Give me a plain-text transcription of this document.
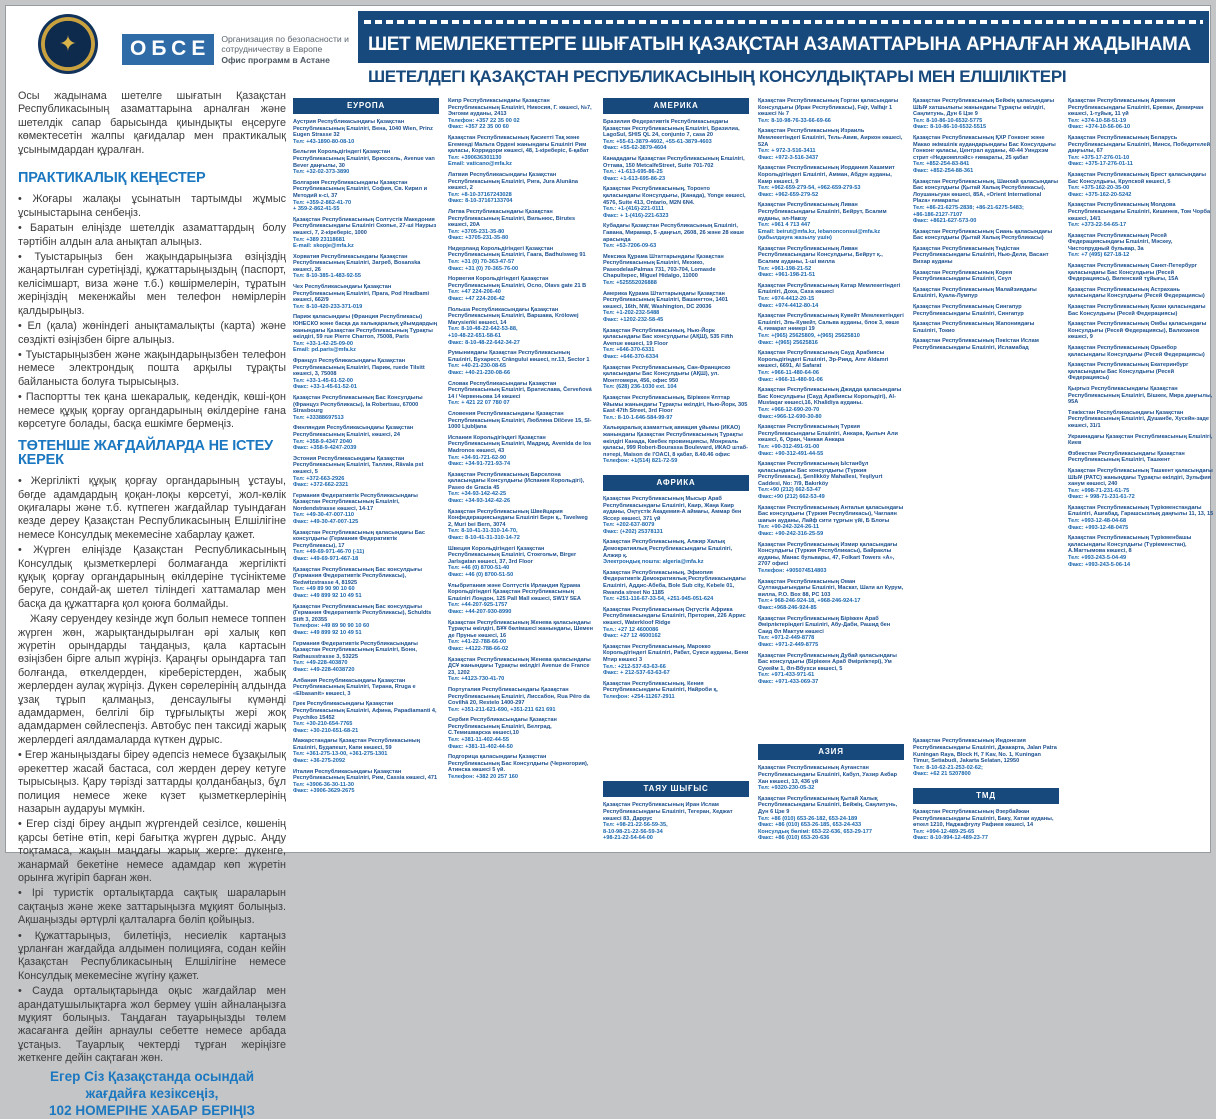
✦	ОБСЕ	Организация по безопасности и
сотрудничеству в Европе
Офис программ в Астане
ШЕТ МЕМЛЕКЕТТЕРГЕ ШЫҒАТЫН ҚАЗАҚСТАН АЗАМАТТАРЫНА АРНАЛҒАН ЖАДЫНАМА
ШЕТЕЛДЕГІ ҚАЗАҚСТАН РЕСПУБЛИКАСЫНЫҢ КОНСУЛДЫҚТАРЫ МЕН ЕЛШІЛІКТЕРІ

Осы жадынама шетелге шығатын Қазақстан Республикасының азаматтарына арналған және шетелдік сапар барысында қиындықты еңсеруге көмектесетін жалпы қағидалар мен практикалық ұсынымдардан құралған.

ПРАКТИКАЛЫҚ КЕҢЕСТЕР
• Жоғары жалақы ұсынатын тартымды жұмыс ұсыныстарына сенбеңіз.
• Баратын еліңізде шетелдік азаматтардың болу тәртібін алдын ала анықтап алыңыз.
• Туыстарыңыз бен жақындарыңызға өзіңіздің жаңартылған суретіңізді, құжаттарыңыздың (паспорт, келісімшарт, виза және т.б.) көшірмелерін, тұратын жеріңіздің мекенжайы мен телефон нөмірлерін қалдырыңыз.
• Ел (қала) жөніндегі анықтамалықты (карта) және сөздікті өзіңізбен бірге алыңыз.
• Туыстарыңызбен және жақындарыңызбен телефон немесе электрондық пошта арқылы тұрақты байланыста болуға тырысыңыз.
• Паспортты тек қана шекаралық, кедендік, көші-қон немесе құқық қорғау органдарының өкілдеріне ғана көрсетуге болады, басқа ешкімге бермеңіз.
ТӨТЕНШЕ ЖАҒДАЙЛАРДА НЕ ІСТЕУ КЕРЕК
• Жергілікті құқық қорғау органдарының ұстауы, бөгде адамдардың қоқан-лоқы көрсетуі, жол-көлік оқиғалары және т.б. күтпеген жағдайлар туындаған кезде дереу Қазақстан Республикасының Елшілігіне немесе Консулдық мекемесіне хабарлау қажет.
• Жүрген еліңізде Қазақстан Республикасының Консулдық қызметкерлері болмағанда жергілікті құқық қорғау органдарының өкілдеріне түсініктеме беруге, сондай-ақ шетел тіліндегі хаттамалар мен басқа да құжаттарға қол қоюға болмайды.
Жаяу серуендеу кезінде жұп болып немесе топпен жүрген жөн, жарықтандырылған әрі халық көп жүретін орындарды таңдаңыз, қала картасын өзіңізбен бірге алып жүріңіз. Қараңғы орындарға тап болғанда, өткелдерден, кіреберістерден, жабық жерлерден аулақ жүріңіз. Дүкен сөрелерінің алдында ұзақ тұрып қалмаңыз, денсаулығы күмәнді адамдармен, белгілі бір тұрғылықты жері жоқ адамдармен сөйлеспеңіз. Автобус пен таксиді жарық жерлердегі аялдамаларда күткен дұрыс.
• Егер жаныңыздағы біреу әдепсіз немесе бұзақылық әрекеттер жасай бастаса, сол жерден дереу кетуге тырысыңыз. Қару тәрізді заттарды қолданбаңыз, бұл полиция немесе жеке күзет қызметкерлерінің назарын аударуы мүмкін.
• Егер сізді біреу аңдып жүргендей сезілсе, көшенің қарсы бетіне өтіп, кері бағытқа жүрген дұрыс. Аңду тоқтамаса, жақын маңдағы жарық жерге: дүкенге, жанармай бекетіне немесе адамдар көп жүретін орынға жүгіріп барған жөн.
• Ірі туристік орталықтарда сақтық шараларын сақтаңыз және жеке заттарыңызға мұқият болыңыз. Ақшаңызды әртүрлі қалталарға бөліп қойыңыз.
• Құжаттарыңыз, билетіңіз, несиелік картаңыз ұрланған жағдайда алдымен полицияға, содан кейін Қазақстан Республикасының Елшілігіне немесе Консулдық мекемесіне жүгіну қажет.
• Сауда орталықтарында оқыс жағдайлар мен арандатушылықтарға жол бермеу үшін айналаңызға мұқият болыңыз. Таңдаған тауарыңызды төлем жасағанға дейін арнаулы себетте немесе арбада ұстаңыз. Тауарлық чектерді тұрған жеріңізге жеткенге дейін сақтаған жөн.
Егер Сіз Қазақстанда осындай жағдайға кезіксеңіз,
102 НОМЕРІНЕ ХАБАР БЕРІҢІЗ
ЕУРОПА
Аустрия Республикасындағы Қазақстан Республикасының Елшілігі, Вена, 1040 Wien, Prinz Eugen Strasse 32
Тел: +43-1890-80-08-10
Бельгия Корольдігіндегі Қазақстан Республикасының Елшілігі, Брюссель, Avenue van Bever даңғылы, 30
Тел: +32-02-373-3890
Болгария Республикасындағы Қазақстан Республикасының Елшілігі, София, Св. Кирил и Методий к-сі, 37
Тел: +359-2-862-41-70
+ 359-2-862-41-55
Қазақстан Республикасының Солтүстік Македония Республикасындағы Елшілігі Скопье, 27-ші Наурыз көшесі, 7, 2-кіреберіс, 1000
Тел: +389 23118681
E-mail: skopje@mfa.kz
Хорватия Республикасындағы Қазақстан Республикасының Елшілігі, Загреб, Bosanska көшесі, 26
Тел: 8-10-385-1-483-92-55
Чех Республикасындағы Қазақстан Республикасының Елшілігі, Прага, Pod Hradbami көшесі, 662/9
Тел: 8-10-420-233-371-019
Париж қаласындағы (Франция Республикасы) ЮНЕСКО және басқа да халықаралық ұйымдардың жанындағы Қазақстан Республикасының Тұрақты өкілдігі, 59 rue Pierre Charron, 75008, Paris
Тел: +33-1-42-25-09-00
Email: pd.paris@mfa.kz
Француз Республикасындағы Қазақстан Республикасының Елшілігі, Париж, ruede Tilsitt көшесі, 3, 75008
Тел: +33-1-45-61-52-00
Факс: +33-1-45-61-52-01
Қазақстан Республикасының Бас Консулдығы (Француз Республикасы), la Robertsau, 67000 Strasbourg
Тел: +33388697513
Финляндия Республикасындағы Қазақстан Республикасының Елшілігі, көшесі, 24
Тел: +358-9-4347 2040
Факс: +358-9-4247-2039
Эстония Республикасындағы Қазақстан Республикасының Елшілігі, Таллин, Rävala pst көшесі, 5
Тел: +372-663-2926
Факс: +372-662-2321
Германия Федеративтік Республикасындағы Қазақстан Республикасының Елшілігі, Nordendstrasse көшесі, 14-17
Тел: +49-30-47-007-110
Факс: +49-30-47-007-125
Қазақстан Республикасының қаласындағы Бас консулдығы (Германия Федеративтік Республикасы), 17
Тел: +49-69-971-46-70 (-11)
Факс: +49-69-971-467-18
Қазақстан Республикасының Бас консулдығы (Германия Федеративтік Республикасы), Redwitzstrasse 4, 81925
Тел: +49 89 90 90 10 60
Факс: +49 899 92 10 49 51
Қазақстан Республикасының Бас консулдығы (Германия Федеративтік Республикасы), Schuldts Stift 3, 20355
Телефон: +49 89 90 90 10 60
Факс: +49 899 92 10 49 51
Германия Федеративтік Республикасындағы Қазақстан Республикасының Елшілігі, Бонн, Rathausstrasse 3, 53225
Тел: +49-228-403870
Факс: +49-228-4038720
Албания Республикасындағы Қазақстан Республикасының Елшілігі, Тирана, Rruga e «Elbasanit» көшесі, 3
Грек Республикасындағы Қазақстан Республикасының Елшілігі, Афина, Papadiamanti 4, Psychiko 15452
Тел: +30-210-654-7765
Факс: +30-210-651-68-21
Мажарстандағы Қазақстан Республикасының Елшілігі, Будапешт, Капи көшесі, 59
Тел: +361-275-13-00, +361-275-1301
Факс: +36-275-2092
Италия Республикасындағы Қазақстан Республикасының Елшілігі, Рим, Cassia көшесі, 471
Тел: +3906-36-30-11-30
Факс: +3906-3629-2675
Кипр Республикасындағы Қазақстан Республикасының Елшілігі, Никосия, Г. көшесі, №7, Энгоми ауданы, 2413
Телефон: +357 22 35 00 02
Факс: +357 22 35 00 60
Қазақстан Республикасының Қасиетті Тақ және Егеменді Мальта Ордені жанындағы Елшілігі Рим қаласы, Корридори көшесі, 48, 1-кіреберіс, 6-қабат
Тел: +390636301130
Email: vaticano@mfa.kz
Латвия Республикасындағы Қазақстан Республикасының Елшілігі, Рига, Jura Alunāna көшесі, 2
Тел: +8-10-37167243028
Факс: 8-10-37167133704
Литва Республикасындағы Қазақстан Республикасының Елшілігі, Вильнюс, Birutes көшесі, 20А
Тел: +3705-231-35-80
Факс: +3705-231-35-80
Нидерланд Корольдігіндегі Қазақстан Республикасының Елшілігі, Гаага, Badhuisweg 91
Тел: +31 (0) 70-363-47-57
Факс: +31 (0) 70-365-76-00
Норвегия Корольдігіндегі Қазақстан Республикасының Елшілігі, Осло, Olavs gate 21 B
Тел: +47 224-206-40
Факс: +47 224-206-42
Польша Республикасындағы Қазақстан Республикасының Елшілігі, Варшава, Królowej Marysieńki көшесі, 14
Тел: 8-10-48-22-642-53-88,
+10-48-22-651-58-61
Факс: 8-10-48-22-642-34-27
Румыниядағы Қазақстан Республикасының Елшілігі, Бухарест, Crângului көшесі, nr.13, Sector 1
Тел: +40-21-230-08-65
Факс: +40-21-230-08-66
Словак Республикасындағы Қазақстан Республикасының Елшілігі, Братислава, Červeňová 14 / Червеньова 14 көшесі
Тел: + 421 22 07 780 07
Словения Республикасындағы Қазақстан Республикасының Елшілігі, Любляна Dilčeve 15, SI-1000 Ljubljana
Испания Корольдігіндегі Қазақстан Республикасының Елшілігі, Мадрид, Avenida de los Madronos көшесі, 43
Тел: +34-91-721-62-90
Факс: +34-91-721-93-74
Қазақстан Республикасының Барселона қаласындағы Консулдығы (Испания Корольдігі), Paseo de Gracia 45
Тел: +34-93-142-42-25
Факс: +34-93-142-42-26
Қазақстан Республикасының Швейцария Конфедерациясындағы Елшілігі Берн қ., Tavelweg 2, Muri bei Bern, 3074
Тел: 8-10-41-31-310-14-70,
Факс: 8-10-41-31-310-14-72
Швеция Корольдігіндегі Қазақстан Республикасының Елшілігі, Стокгольм, Birger Jarlsgatan көшесі, 37, 3rd Floor
Тел: +46 (0) 8700-51-40
Факс: +46 (0) 8700-51-50
Ұлыбритания және Солтүстік Ирландия Құрама Корольдігіндегі Қазақстан Республикасының Елшілігі Лондон, 125 Pall Mall көшесі, SW1Y 5EA
Тел: +44-207-925-1757
Факс: +44-207-930-8990
Қазақстан Республикасының Женева қаласындағы Тұрақты өкілдігі, БҰҰ бөлімшесі жанындағы, Шемен де Прунье көшесі, 16
Тел: +41-22-788-66-00
Факс: +4122-788-66-02
Қазақстан Республикасының Женева қаласындағы ДСҰ жанындағы Тұрақты өкілдігі Avenue de France 23, 1202
Тел: +4123-730-41-70
Португалия Республикасындағы Қазақстан Республикасының Елшілігі, Лиссабон, Rua Pêro da Covilhã 20, Restelo 1400-297
Тел: +351-211-621-690, +351-211 621 691
Сербия Республикасындағы Қазақстан Республикасының Елшілігі, Белград, С.Темишварска көшесі,10
Тел: +381-11-402-44-55
Факс: +381-11-402-44-50
Подгорица қаласындағы Қазақстан Республикасының Бас Консулдығы (Черногория), Атинска көшесі 5 үй.
Телефон: +382 20 257 160
АМЕРИКА
Бразилия Федеративтік Республикасындағы Қазақстан Республикасының Елшілігі, Бразилиа, LagoSul, SHIS QL 24, conjunto 7, casa 20
Тел: +55-61-3879-4602, +55-61-3879-4603
Факс: +55-62-3879-4604
Канададағы Қазақстан Республикасының Елшілігі, Оттава, 150 MetcalfeStreet, Suite 701-702
Тел.: +1-613-695-86-25
Факс: +1-613-695-86-23
Қазақстан Республикасының, Торонто қаласындағы Консулдығы, (Канада), Yonge көшесі, 4576, Suite 413, Ontario, M2N 6N4.
Тел.: +1-(416)-221-0111
Факс: + 1-(416)-221-6323
Кубадағы Қазақстан Республикасының Елшілігі, Гавана, Мирамар, 5 -даңғыл, 2608, 26 және 28 көше арасында
Тел: +53-7206-09-63
Мексика Құрама Штаттарындағы Қазақстан Республикасының Елшілігі, Мехико, PaseodelasPalmas 731, 703-704, Lomasde Chapultepec, Miguel Hidalgo, 11000
Тел: +525552026888
Америка Құрама Штаттарындағы Қазақстан Республикасының Елшілігі, Вашингтон, 1401 көшесі, 16th, NW, Washington, DC 20036
Тел: +1-202-232-5488
Факс: +1202-232-58-45
Қазақстан Республикасының, Нью-Йорк қаласындағы Бас консулдығы (АҚШ), 535 Fifth Avenue көшесі, 19 Floor
Тел: +646-370-6331
Факс: +646-370-6334
Қазақстан Республикасының, Сан-Франциско қаласындағы Бас Консулдығы (АҚШ), ул. Монтгомери, 456, офис 950
Тел: (628) 236-1030 ext. 104
Қазақстан Республикасының, Біріккен Ұлттар Ұйымы жанындағы Тұрақты өкілдігі, Нью-Йорк, 305 East 47th Street, 3rd Floor
Тел.: 8-10-1-646-584-99-97
Халықаралық азаматтық авиация ұйымы (ИКАО) жанындағы Қазақстан Республикасының Тұрақты өкілдігі Канада, Квебек провинциясы, Монреаль қаласы, 999 Robert-Bourassa Boulevard, ИКАО штаб-пәтері, Maison de l'OACI, 8 қабат, 8.40.46 офис
Телефон: +1(514) 821-72-59
АФРИКА
Қазақстан Республикасының Мысыр Араб Республикасындағы Елшілігі, Каир, Жаңа Каир ауданы, Оңтүстік Академия-А аймағы, Аммар бен Яссер көшесі, 371 үй
Тел: +202-637-8079
Факс: (+202) 25378131
Қазақстан Республикасының, Алжир Халық Демократиялық Республикасындағы Елшілігі, Алжир қ.
Электрондық пошта: algeria@mfa.kz
Қазақстан Республикасының, Эфиопия Федеративтік Демократиялық Республикасындағы Елшілігі, Аддис-Абеба, Bole Sub city, Kebele 01, Rwanda street No 1185
Тел: +251-116-67-33-54, +251-945-051-624
Қазақстан Республикасының Оңтүстік Африка Республикасындағы Елшілігі, Претория, 226 Аррис көшесі, Waterkloof Ridge
Тел.: +27 12 4600086
Факс: +27 12 4600162
Қазақстан Республикасының, Марокко Корольдігіндегі Елшілігі, Рабат, Сукси ауданы, Бени Мтир көшесі 3
Тел.: +212-537-63-63-66
Факс: + 212-537-63-63-67
Қазақстан Республикасының, Кения Республикасындағы Елшілігі, Найроби қ,
Телефон: +254-11267-2911
ТАЯУ ШЫҒЫС
Қазақстан Республикасының Иран Ислам Республикасындағы Елшілігі, Тегеран, Хеджат көшесі 83, Даррус
Тел: +98-21-22-56-59-35,
8-10-98-21-22-56-59-34
+98-21-22-54-64-00
Қазақстан Республикасының Горган қаласындағы Консулдығы (Иран Республикасы), Fajr, Valfajr 1 көшесі № 7
Тел: 8-10-98-76-33-66-69-66
Қазақстан Республикасының Израиль Мемлекетіндегі Елшілігі, Тель-Авив, Аиркон көшесі, 52А
Тел: + 972-3-516-3411
Факс: +972-3-516-3437
Қазақстан Республикасының Иордания Хашимит Корольдігіндегі Елшілігі, Амман, Абдун ауданы, Камр көшесі, 9
Тел: +962-659-279-54, +962-659-279-53
Факс: +962-659-279-52
Қазақстан Республикасының Ливан Республикасындағы Елшілігі, Бейрут, Бсалим ауданы, әл-Навзу
Тел: +961 4 713 447
Email: beirut@mfa.kz, lebanonconsul@mfa.kz
(қабылдауға жазылу үшін)
Қазақстан Республикасының Ливан Республикасындағы Консулдығы, Бейрут қ., Бсалим ауданы, 1-ші вилла
Тел: +961-198-21-52
Факс: +961-198-21-51
Қазақстан Республикасының Катар Мемлекетіндегі Елшілігі, Доха, Саха көшесі
Тел: +974-4412-20-15
Факс: +974-4412-80-14
Қазақстан Республикасының Кувейт Мемлекетіндегі Елшілігі, Эль-Кувейт, Сальва ауданы, блок 3, көше 4, ғимарат нөмері 19
Тел: +(965) 25625809, +(965) 25625810
Факс: +(965) 25625816
Қазақстан Республикасының Сауд Арабиясы Корольдігіндегі Елшілігі, Эр-Рияд, Amr Aldamri көшесі, 6691, Al Safarat
Тел: +966-11-480-64-06
Факс: +966-11-480-91-06
Қазақстан Республикасының Джидда қаласындағы Бас Консулдығы (Сауд Арабиясы Корольдігі), Al-Mustaqar көшесі,16, Khalidiya ауданы.
Тел: +966-12-690-20-70
Факс:+966-12-690-30-80
Қазақстан Республикасының Түркия Республикасындағы Елшілігі, Анкара, Қылыч Али көшесі, 6, Оран, Чанкая Анкара
Тел: +90-312-491-91-00
Факс: +90-312-491-44-55
Қазақстан Республикасының Ыстанбұл қаласындағы Бас консулдығы (Түркия Республикасы), Şenlikköy Mahallesi, Yeşilyurt Caddesi, No: 7/9, Bakırköy
Тел:+90 (212) 662-53-47
Факс:+90 (212) 662-53-49
Қазақстан Республикасының Анталья қаласындағы Бас консулдығы (Түркия Республикасы), Чағлаян шағын ауданы, Лайф сити тұрғын үйі, Б Блоғы
Тел: +90-242-324-26-11
Факс: +90-242-316-25-59
Қазақстан Республикасының Измир қаласындағы Консулдығы (Түркия Республикасы), Байраклы ауданы, Манас бульвары, 47, Folkart Towers «A», 2707 офисі
Телефон: +905074514803
Қазақстан Республикасының Оман Сұлтандығындағы Елшілігі, Маскат, Шати ал Курум, вилла, P.O. Box 88, PC 103
Тел:+ 968-246-924-18, +968-246-924-17
Факс:+968-246-924-85
Қазақстан Республикасының Біріккен Араб Әмірліктеріндегі Елшілігі, Абу-Даби, Рашид бен Саид Әл Мактум көшесі
Тел: +971-2-449-8778
Факс: +971-2-449-8775
Қазақстан Республикасының Дубай қаласындағы Бас консулдығы (Біріккен Араб Әмірліктері), Ум Сукейм 1, Әл-Вбухси көшесі, 5
Тел: +971-433-971-61
Факс: +971-433-069-37
АЗИЯ
Қазақстан Республикасының Ауғанстан Республикасындағы Елшілігі, Кабул, Уазир Акбар Хан көшесі, 13, 436 үй
Тел: +9320-230-05-32
Қазақстан Республикасының Қытай Халық Республикасындағы Елшілігі, Бейжің, Саңлитунь, Дун 6 Цзе 9
Тел: +86 (010) 653-26-182, 653-24-189
Факс: +86 (010) 653-26-185, 653-24-433
Консулдық бөлімі: 653-22-636, 653-29-177
Факс: +86 (010) 653-20-636
Қазақстан Республикасының Бейжің қаласындағы ШЫҰ хатшылығы жанындағы Тұрақты өкілдігі, Саңлитунь, Дун 6 Цзе 9
Тел: 8-10-86-10-6532-5775
Факс: 8-10-86-10-6532-5515
Қазақстан Республикасының ҚХР Гонконг және Макао әкімшілік аудандарындағы Бас Консулдығы Гонконг қаласы, Централ ауданы, 40-44 Уиндхэм стрит «Недкомплэйс» ғимараты, 25 қабат
Тел: +852-254-83-841
Факс: +852-254-88-361
Қазақстан Республикасының, Шанхай қаласындағы Бас консулдығы (Қытай Халық Республикасы), Лоушаньгуан көшесі, 85А, «Orient International Plaza» ғимараты
Тел: +86-21-6275-2838; +86-21-6275-5483;
+86-186-2127-7107
Факс: +8621-627-573-00
Қазақстан Республикасының Сиань қаласындағы Бас консулдығы (Қытай Халық Республикасы)
Қазақстан Республикасының Үндістан Республикасындағы Елшілігі, Нью-Дели, Васант Вихар ауданы
Қазақстан Республикасының Корея Республикасындағы Елшілігі, Сеул
Қазақстан Республикасының Малайзиядағы Елшілігі, Куала-Лумпур
Қазақстан Республикасының Сингапур Республикасындағы Елшілігі, Сингапур
Қазақстан Республикасының Жапониядағы Елшілігі, Токио
Қазақстан Республикасының Пәкістан Ислам Республикасындағы Елшілігі, Исламабад
Қазақстан Республикасының Индонезия Республикасындағы Елшілігі, Джакарта, Jalan Patra Kuningan Raya, Block H, 7 Kav, No. 1, Kuningan Timur, Setiabudi, Jakarta Selatan, 12950
Тел: 8-10-62-21-253-02-62;
Факс: +62 21 5207800
ТМД
Қазақстан Республикасының Әзербайжан Республикасындағы Елшілігі, Баку, Хатаи ауданы, өткел 1210, Наджафгулу Рафиев көшесі, 14
Тел: +994-12-489-25-65
Факс: 8-10-994-12-489-23-77
Қазақстан Республикасының Армения Республикасындағы Елшілігі, Ереван, Демирчан көшесі, 1-тұйық, 11 үй
Тел: +374-10-58-51-19
Факс: +374-10-56-06-10
Қазақстан Республикасының Беларусь Республикасындағы Елшілігі, Минск, Победителей даңғылы, 67
Тел: +375-17-276-01-10
Факс: +375-17-276-01-11
Қазақстан Республикасының Брест қаласындағы Бас Консулдығы, Крупской көшесі, 5
Тел: +375-162-20-35-00
Факс: +375-162-20-5242
Қазақстан Республикасының Молдова Республикасындағы Елшілігі, Кишинев, Том Чорба көшесі, 14/1
Тел: +373-22-54-65-17
Қазақстан Республикасының Ресей Федерациясындағы Елшілігі, Мәскеу, Чистопрудный бульвар, 3а
Тел: +7 (495) 627-18-12
Қазақстан Республикасының Санкт-Петербург қаласындағы Бас Консулдығы (Ресей Федерациясы), Виленский тұйығы, 15А
Қазақстан Республикасының Астрахань қаласындағы Консулдығы (Ресей Федерациясы)
Қазақстан Республикасының Қазан қаласындағы Бас Консулдығы (Ресей Федерациясы)
Қазақстан Республикасының Омбы қаласындағы Консулдығы (Ресей Федерациясы), Валиханов көшесі, 9
Қазақстан Республикасының Орынбор қаласындағы Консулдығы (Ресей Федерациясы)
Қазақстан Республикасының Екатеринбург қаласындағы Бас Консулдығы (Ресей Федерациясы)
Қырғыз Республикасындағы Қазақстан Республикасының Елшілігі, Бішкек, Мира даңғылы, 95А
Тәжікстан Республикасындағы Қазақстан Республикасының Елшілігі, Душанбе, Хусейн-заде көшесі, 31/1
Украинадағы Қазақстан Республикасының Елшілігі, Киев
Өзбекстан Республикасындағы Қазақстан Республикасының Елшілігі, Ташкент
Қазақстан Республикасының Ташкент қаласындағы ШЫҰ (РАТС) жанындағы Тұрақты өкілдігі, Зульфия ханум көшесі, 240
Тел: +998-71-231-61-75
Факс: + 998-71-231-61-72
Қазақстан Республикасының Түрікменстандағы Елшілігі, Ашғабад, Гарашсызлық даңғылы 11, 13, 15
Тел: +993-12-48-04-68
Факс: +993-12-48-0475
Қазақстан Республикасының Түрікменбашы қаласындағы Консулдығы (Түрікменстан), А.Магтымова көшесі, 8
Тел: +993-243-5-04-49
Факс: +993-243-5-06-14
